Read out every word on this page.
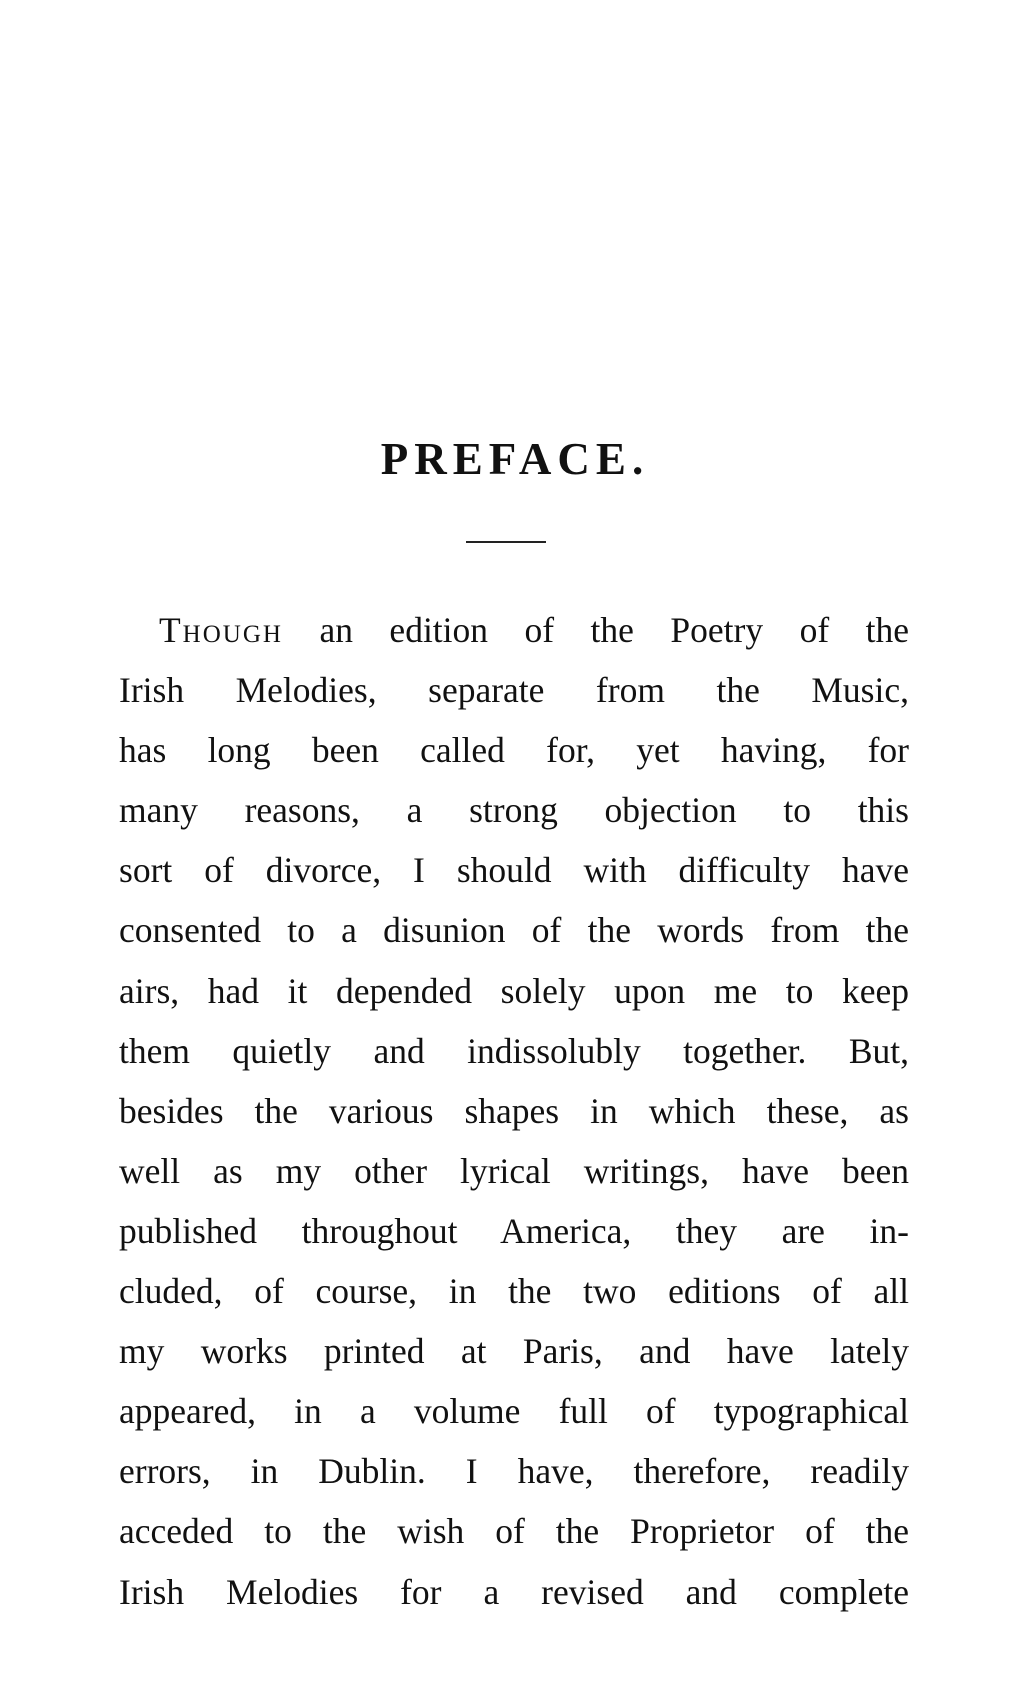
PREFACE.
Though an edition of the Poetry of the
Irish Melodies, separate from the Music,
has long been called for, yet having, for
many reasons, a strong objection to this
sort of divorce, I should with difficulty have
consented to a disunion of the words from the
airs, had it depended solely upon me to keep
them quietly and indissolubly together. But,
besides the various shapes in which these, as
well as my other lyrical writings, have been
published throughout America, they are in-
cluded, of course, in the two editions of all
my works printed at Paris, and have lately
appeared, in a volume full of typographical
errors, in Dublin. I have, therefore, readily
acceded to the wish of the Proprietor of the
Irish Melodies for a revised and complete
